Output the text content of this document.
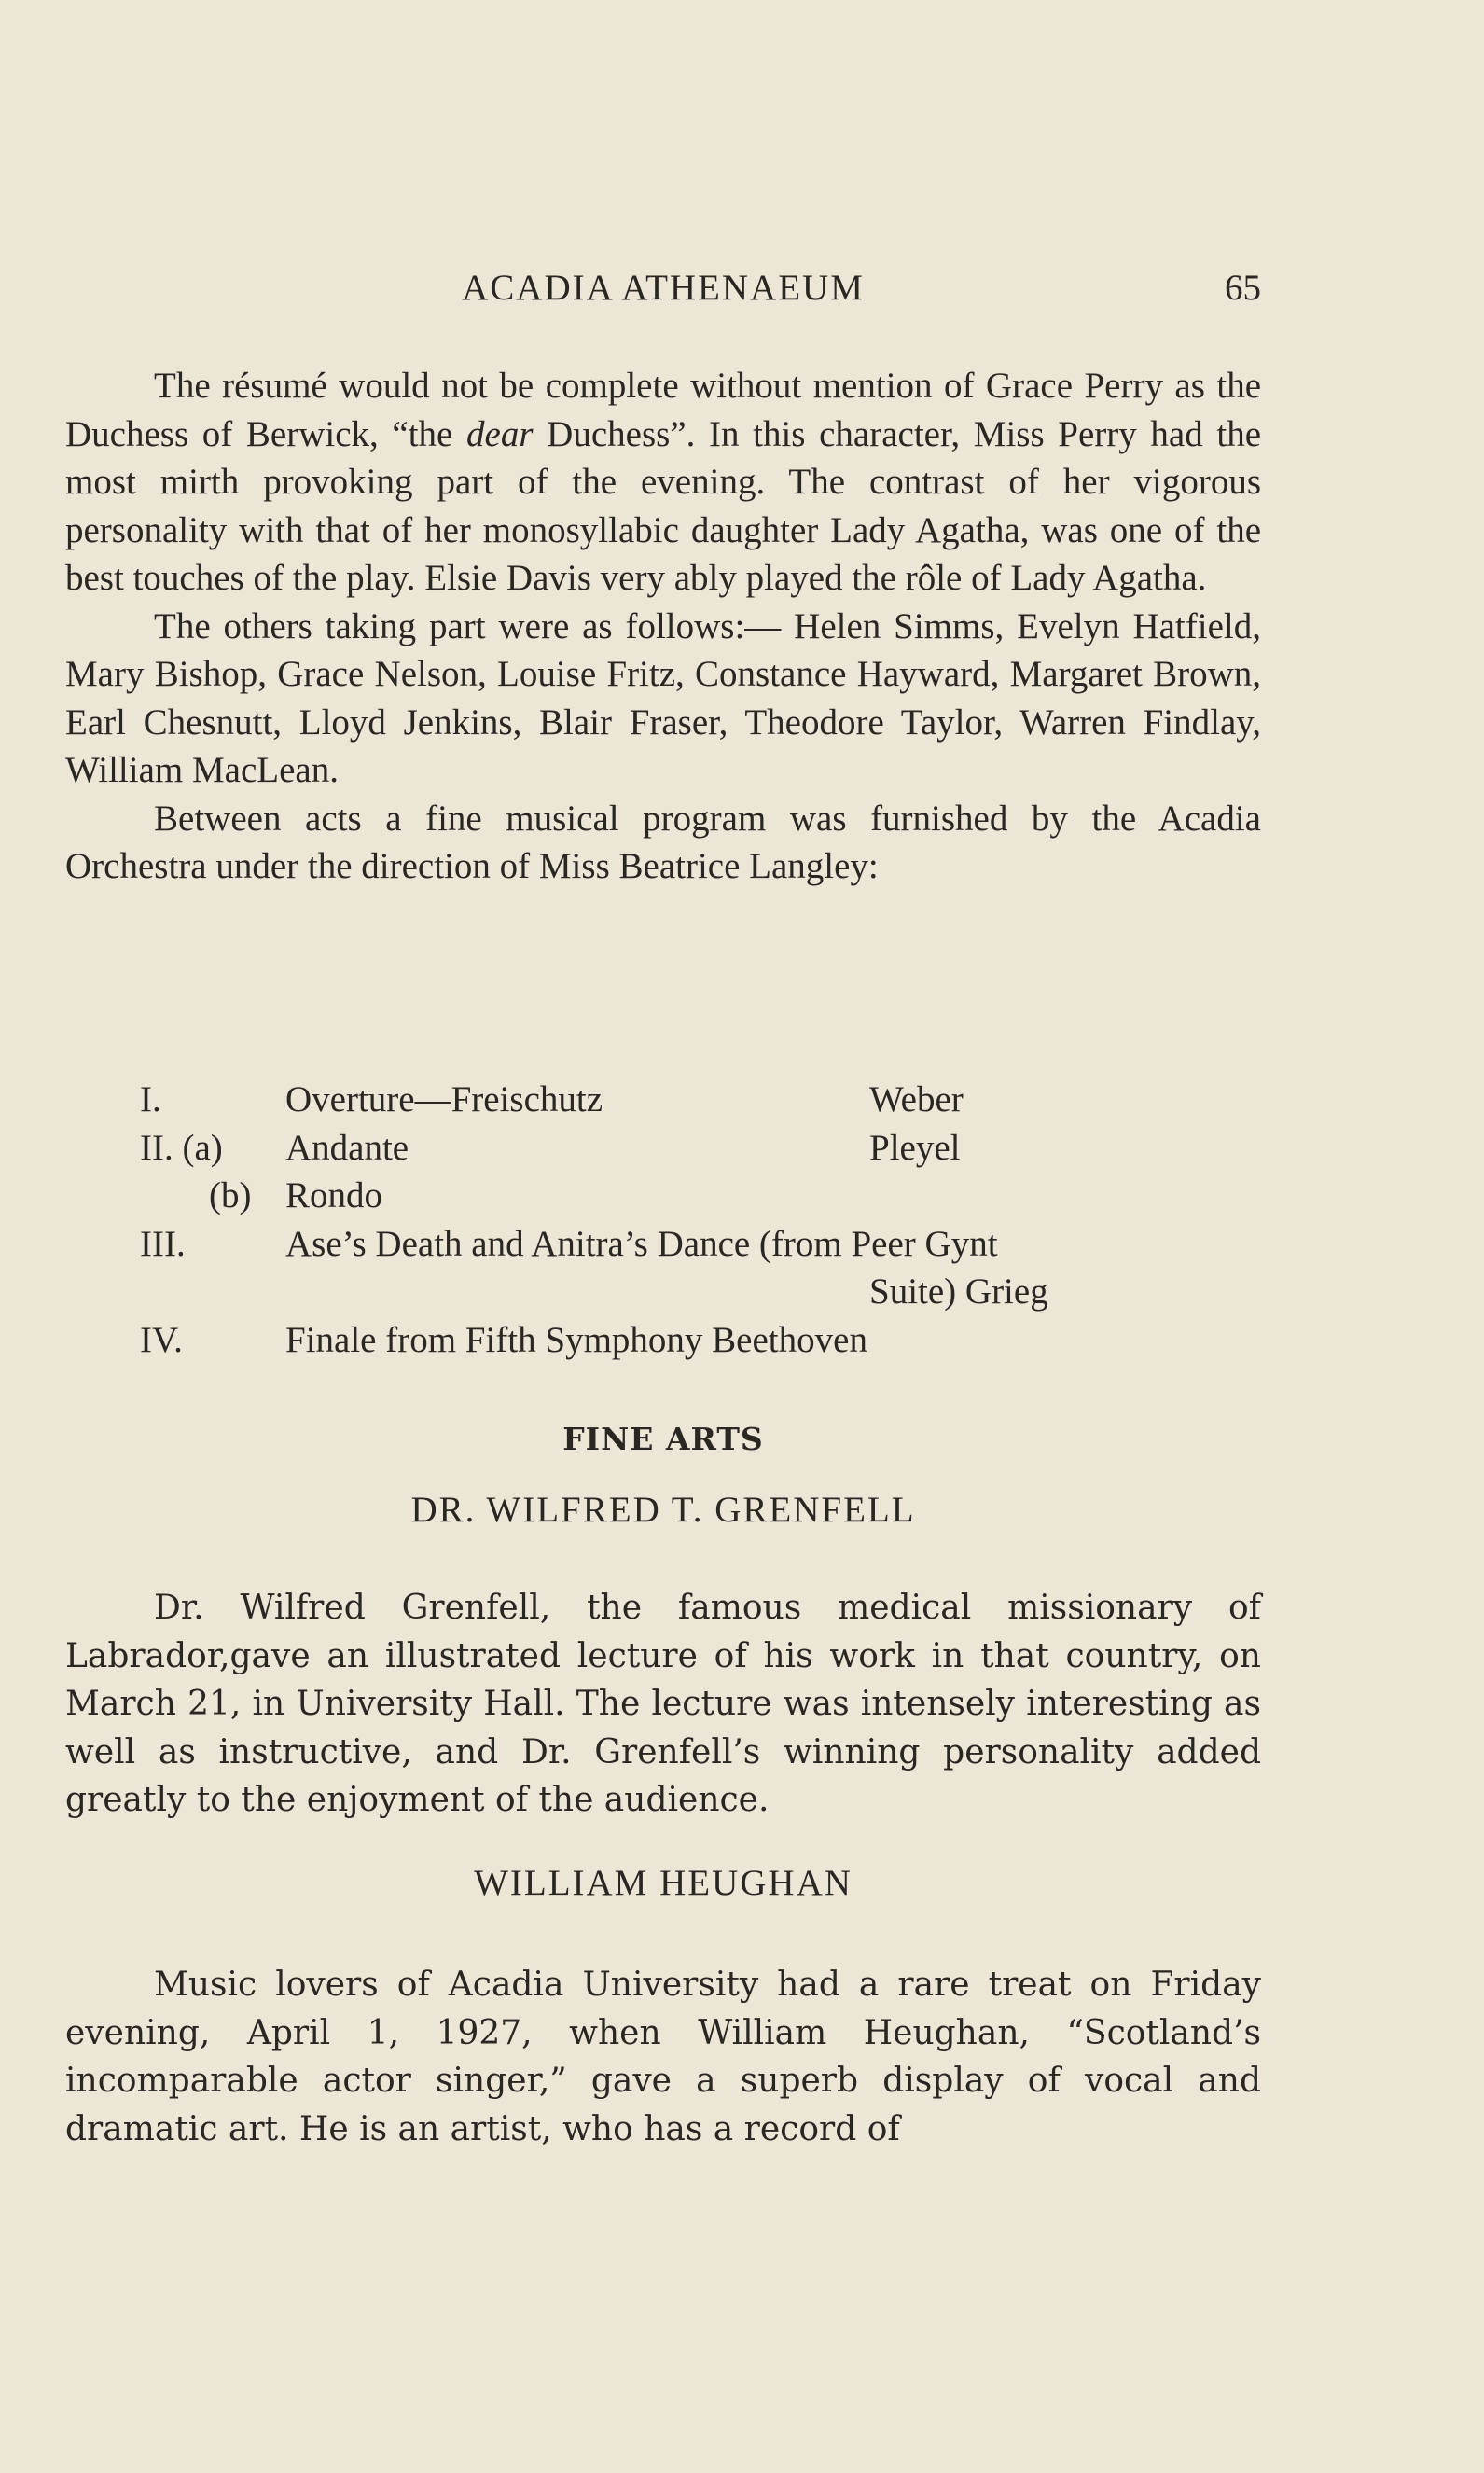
ACADIA ATHENAEUM	65

The résumé would not be complete without mention of Grace Perry as the Duchess of Berwick, “the dear Duchess”. In this character, Miss Perry had the most mirth provoking part of the evening. The contrast of her vigorous personality with that of her monosyllabic daughter Lady Agatha, was one of the best touches of the play. Elsie Davis very ably played the rôle of Lady Agatha.

The others taking part were as follows:— Helen Simms, Evelyn Hatfield, Mary Bishop, Grace Nelson, Louise Fritz, Constance Hayward, Margaret Brown, Earl Chesnutt, Lloyd Jenkins, Blair Fraser, Theodore Taylor, Warren Findlay, William MacLean.

Between acts a fine musical program was furnished by the Acadia Orchestra under the direction of Miss Beatrice Langley:

I.	Overture—Freischutz	Weber
II. (a) Andante	Pleyel
(b) Rondo
III.	Ase’s Death and Anitra’s Dance (from Peer Gynt
Suite) Grieg
IV.	Finale from Fifth Symphony Beethoven
FINE ARTS
DR. WILFRED T. GRENFELL

Dr. Wilfred Grenfell, the famous medical missionary of Labrador,gave an illustrated lecture of his work in that country, on March 21, in University Hall. The lecture was intensely interesting as well as instructive, and Dr. Grenfell’s winning personality added greatly to the enjoyment of the audience.

WILLIAM HEUGHAN

Music lovers of Acadia University had a rare treat on Friday evening, April 1, 1927, when William Heughan, “Scotland’s incomparable actor singer,” gave a superb display of vocal and dramatic art. He is an artist, who has a record of
